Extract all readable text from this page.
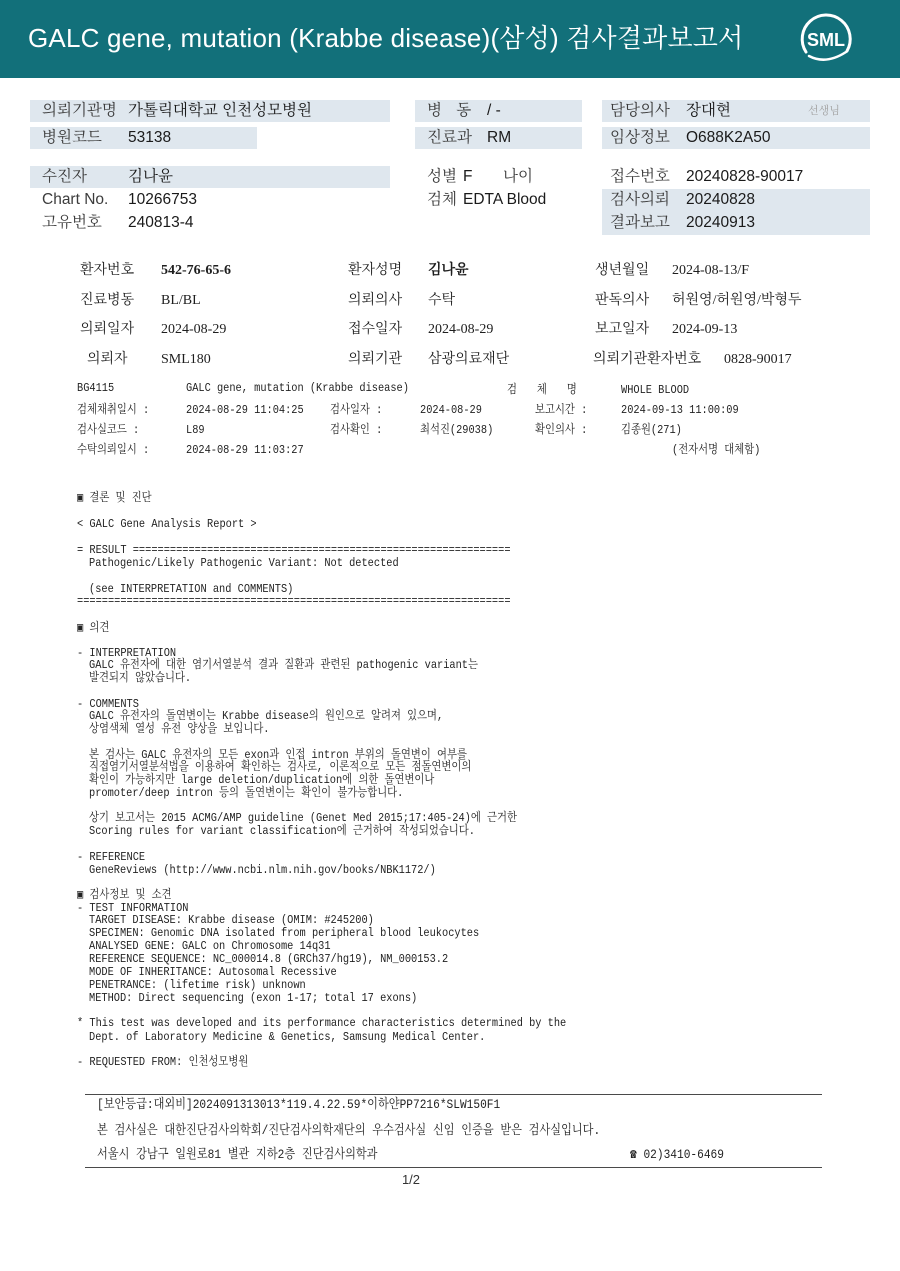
GALC gene, mutation (Krabbe disease)(삼성) 검사결과보고서	SML
의뢰기관명 가톨릭대학교 인천성모병원	병 동 / -	담당의사 장대현	선생님
병원코드 53138	진료과 RM	임상정보 O688K2A50
수진자	김나윤	성별 F 나이	접수번호 20240828-90017
Chart No. 10266753	검체 EDTA Blood	검사의뢰 20240828
고유번호 240813-4	결과보고 20240913
환자번호 542-76-65-6	환자성명 김나윤	생년월일 2024-08-13/F
진료병동 BL/BL	의뢰의사 수탁	판독의사 허원영/허원영/박형두
의뢰일자 2024-08-29	접수일자 2024-08-29	보고일자 2024-09-13
의뢰자 SML180	의뢰기관 삼광의료재단	의뢰기관환자번호 0828-90017
BG4115	GALC gene, mutation (Krabbe disease)	검 체 명	WHOLE BLOOD
검체채취일시 :	2024-08-29 11:04:25 검사일자 :	2024-08-29	보고시간 :	2024-09-13 11:00:09
검사실코드 :	L89	검사확인 :	최석진(29038)	확인의사 :	김종원(271)
수탁의뢰일시 :	2024-08-29 11:03:27	(전자서명 대체함)
▣ 결론 및 진단
< GALC Gene Analysis Report >
= RESULT =============================================================
Pathogenic/Likely Pathogenic Variant: Not detected
(see INTERPRETATION and COMMENTS)
======================================================================
▣ 의견
- INTERPRETATION
GALC 유전자에 대한 염기서열분석 결과 질환과 관련된 pathogenic variant는
발견되지 않았습니다.
- COMMENTS
GALC 유전자의 돌연변이는 Krabbe disease의 원인으로 알려져 있으며,
상염색체 열성 유전 양상을 보입니다.
본 검사는 GALC 유전자의 모든 exon과 인접 intron 부위의 돌연변이 여부를
직접염기서열분석법을 이용하여 확인하는 검사로, 이론적으로 모든 점돌연변이의
확인이 가능하지만 large deletion/duplication에 의한 돌연변이나
promoter/deep intron 등의 돌연변이는 확인이 불가능합니다.
상기 보고서는 2015 ACMG/AMP guideline (Genet Med 2015;17:405-24)에 근거한
Scoring rules for variant classification에 근거하여 작성되었습니다.
- REFERENCE
GeneReviews (http://www.ncbi.nlm.nih.gov/books/NBK1172/)
▣ 검사정보 및 소견
- TEST INFORMATION
TARGET DISEASE: Krabbe disease (OMIM: #245200)
SPECIMEN: Genomic DNA isolated from peripheral blood leukocytes
ANALYSED GENE: GALC on Chromosome 14q31
REFERENCE SEQUENCE: NC_000014.8 (GRCh37/hg19), NM_000153.2
MODE OF INHERITANCE: Autosomal Recessive
PENETRANCE: (lifetime risk) unknown
METHOD: Direct sequencing (exon 1-17; total 17 exons)
* This test was developed and its performance characteristics determined by the
Dept. of Laboratory Medicine & Genetics, Samsung Medical Center.
- REQUESTED FROM: 인천성모병원
[보안등급:대외비]2024091313013*119.4.22.59*이하얀PP7216*SLW150F1
본 검사실은 대한진단검사의학회/진단검사의학재단의 우수검사실 신임 인증을 받은 검사실입니다.
서울시 강남구 일원로81 별관 지하2층 진단검사의학과	☎ 02)3410-6469
1/2
